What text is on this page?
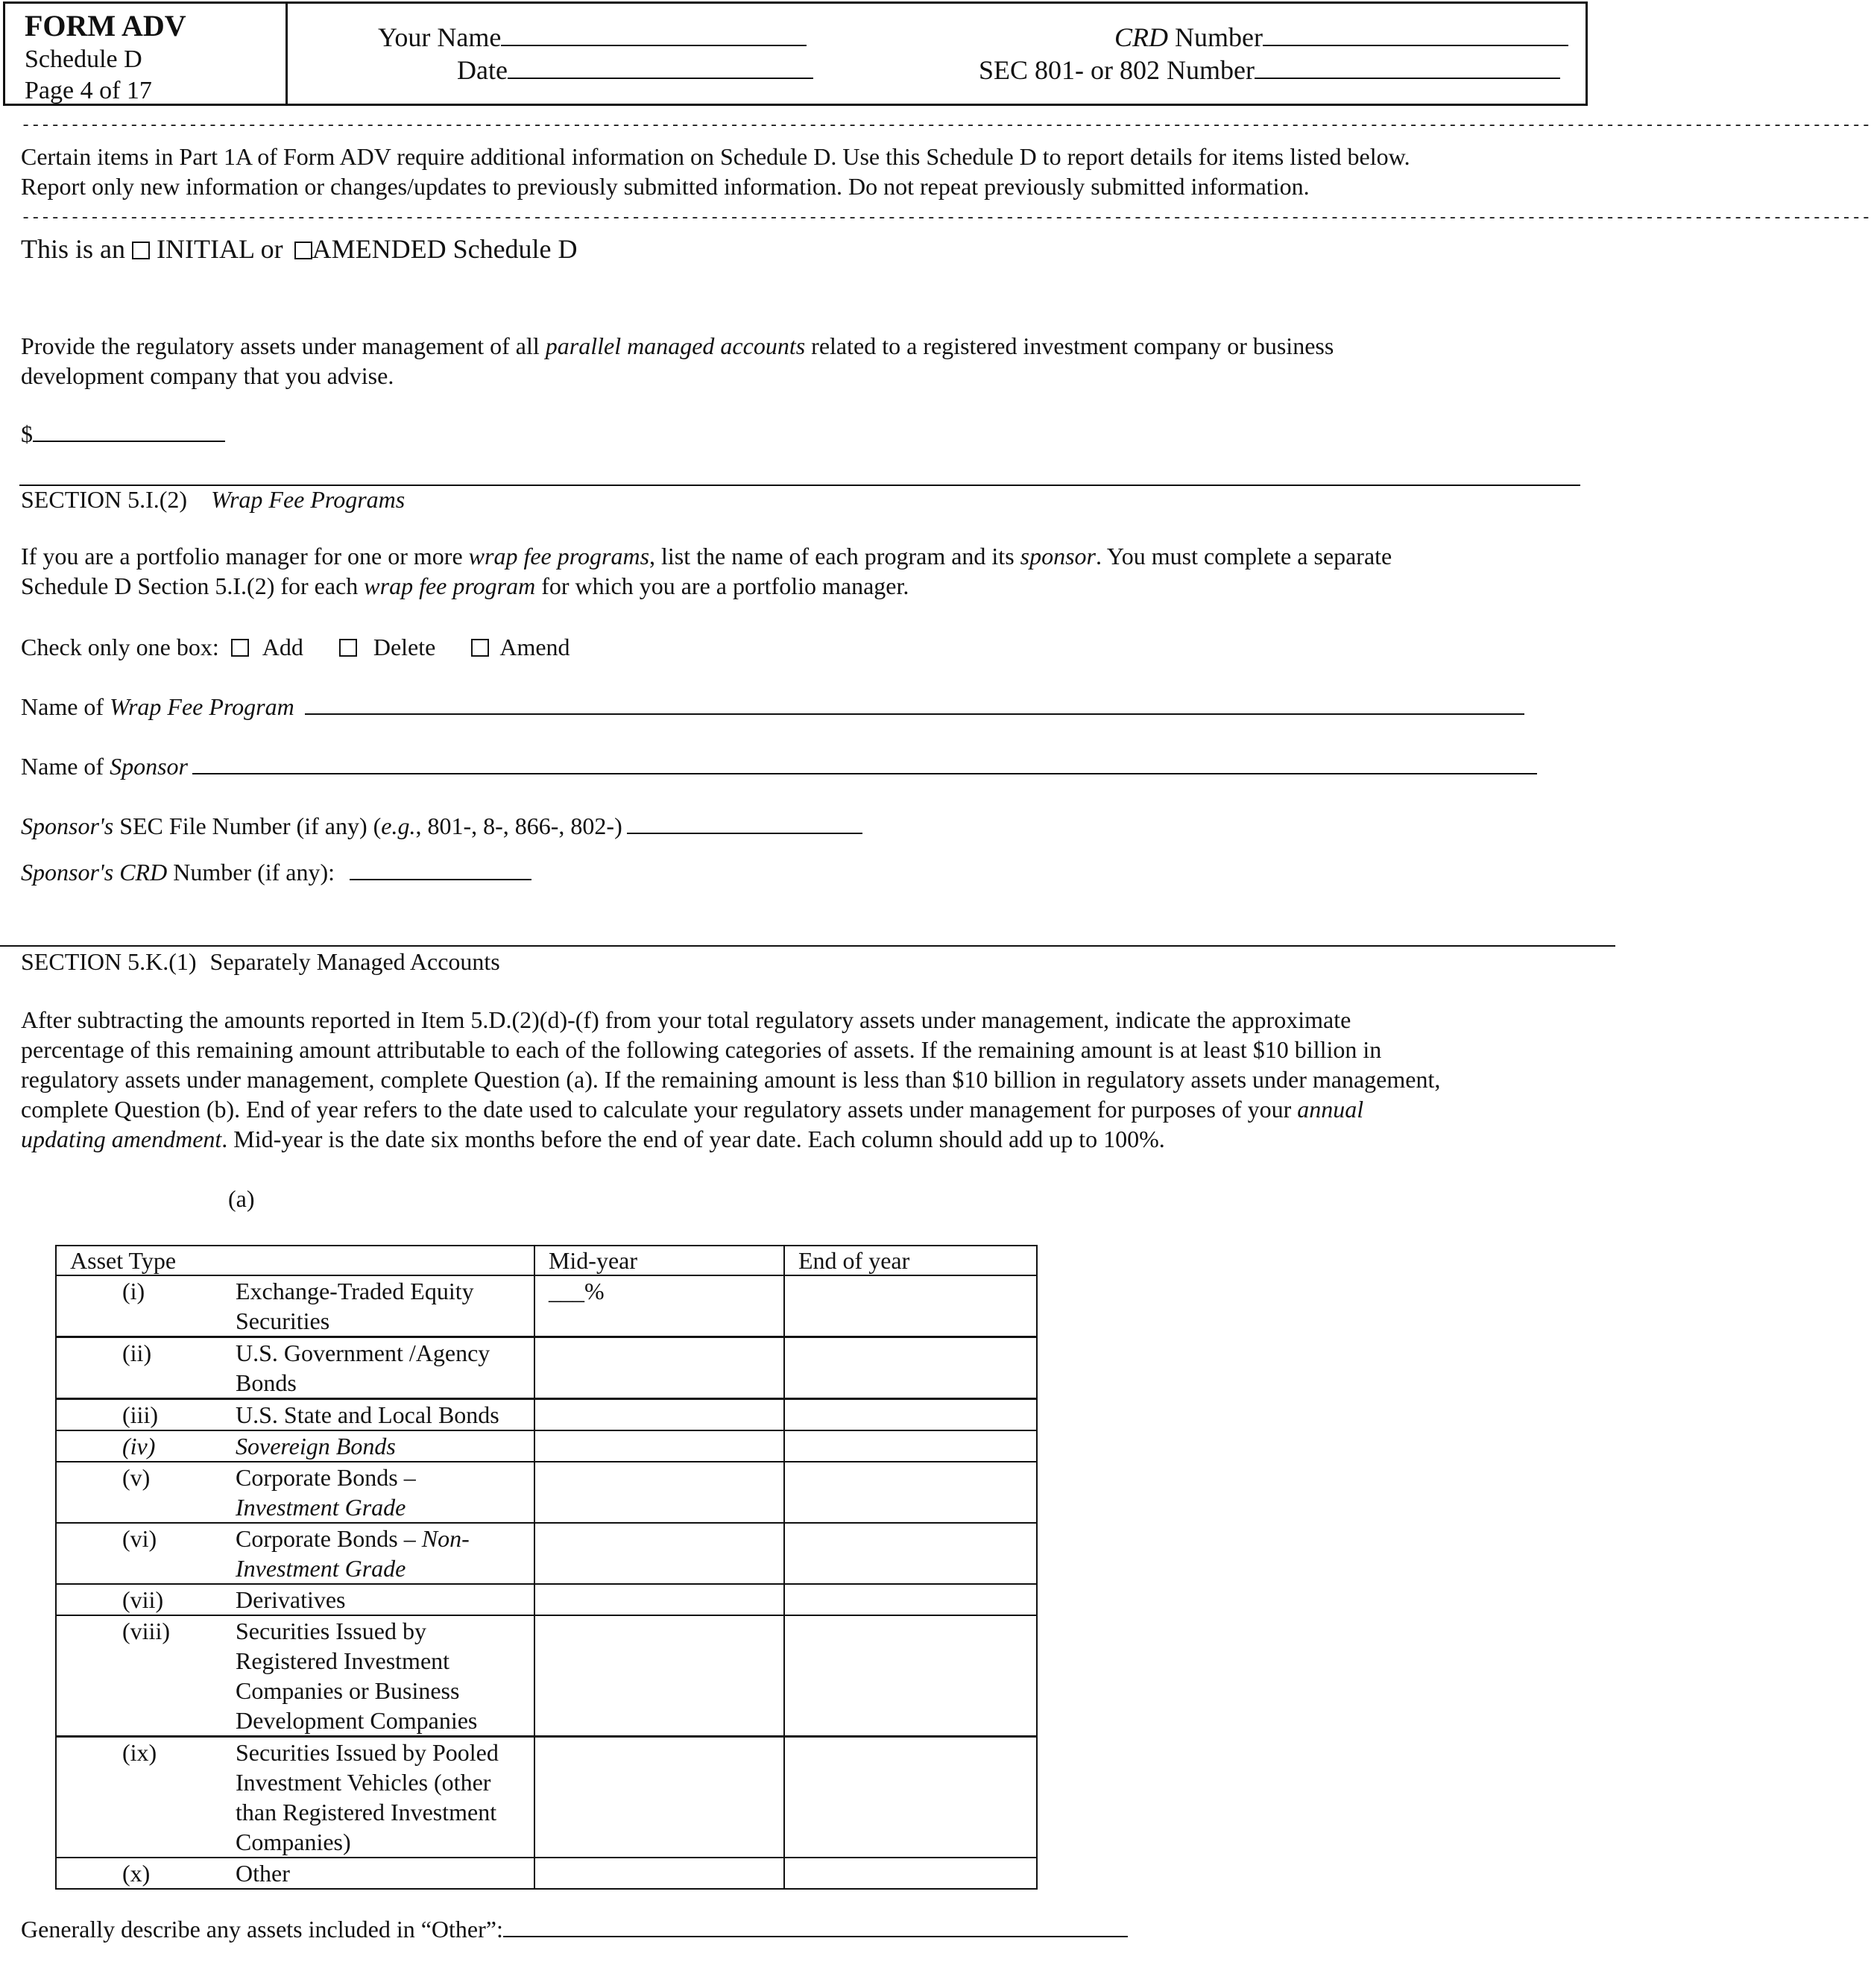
FORM ADV
Schedule D
Page 4 of 17
Your Name
Date
CRD Number
SEC 801- or 802 Number
--------------------------------------------------------------------------------------------------------------------------------------------------------------------------------------------
Certain items in Part 1A of Form ADV require additional information on Schedule D. Use this Schedule D to report details for items listed below.
Report only new information or changes/updates to previously submitted information. Do not repeat previously submitted information.
--------------------------------------------------------------------------------------------------------------------------------------------------------------------------------------------
This is an INITIAL or AMENDED Schedule D
Provide the regulatory assets under management of all parallel managed accounts related to a registered investment company or business
development company that you advise.
$
SECTION 5.I.(2) Wrap Fee Programs
If you are a portfolio manager for one or more wrap fee programs, list the name of each program and its sponsor. You must complete a separate
Schedule D Section 5.I.(2) for each wrap fee program for which you are a portfolio manager.
Check only one box: Add	Delete	Amend
Name of Wrap Fee Program
Name of Sponsor
Sponsor's SEC File Number (if any) (e.g., 801-, 8-, 866-, 802-)
Sponsor's CRD Number (if any):
SECTION 5.K.(1) Separately Managed Accounts
After subtracting the amounts reported in Item 5.D.(2)(d)-(f) from your total regulatory assets under management, indicate the approximate
percentage of this remaining amount attributable to each of the following categories of assets. If the remaining amount is at least $10 billion in
regulatory assets under management, complete Question (a). If the remaining amount is less than $10 billion in regulatory assets under management,
complete Question (b). End of year refers to the date used to calculate your regulatory assets under management for purposes of your annual
updating amendment. Mid-year is the date six months before the end of year date. Each column should add up to 100%.
(a)
Asset Type	Mid-year	End of year

(i) Exchange-Traded Equity Securities	___%	

(ii) U.S. Government /Agency Bonds		

(iii) U.S. State and Local Bonds		

(iv) Sovereign Bonds		

(v) Corporate Bonds –
Investment Grade		

(vi) Corporate Bonds – Non-Investment Grade		

(vii) Derivatives		

(viii) Securities Issued by Registered Investment Companies or Business Development Companies		

(ix) Securities Issued by Pooled Investment Vehicles (other than Registered Investment Companies)		

(x) Other		

Generally describe any assets included in “Other”:
